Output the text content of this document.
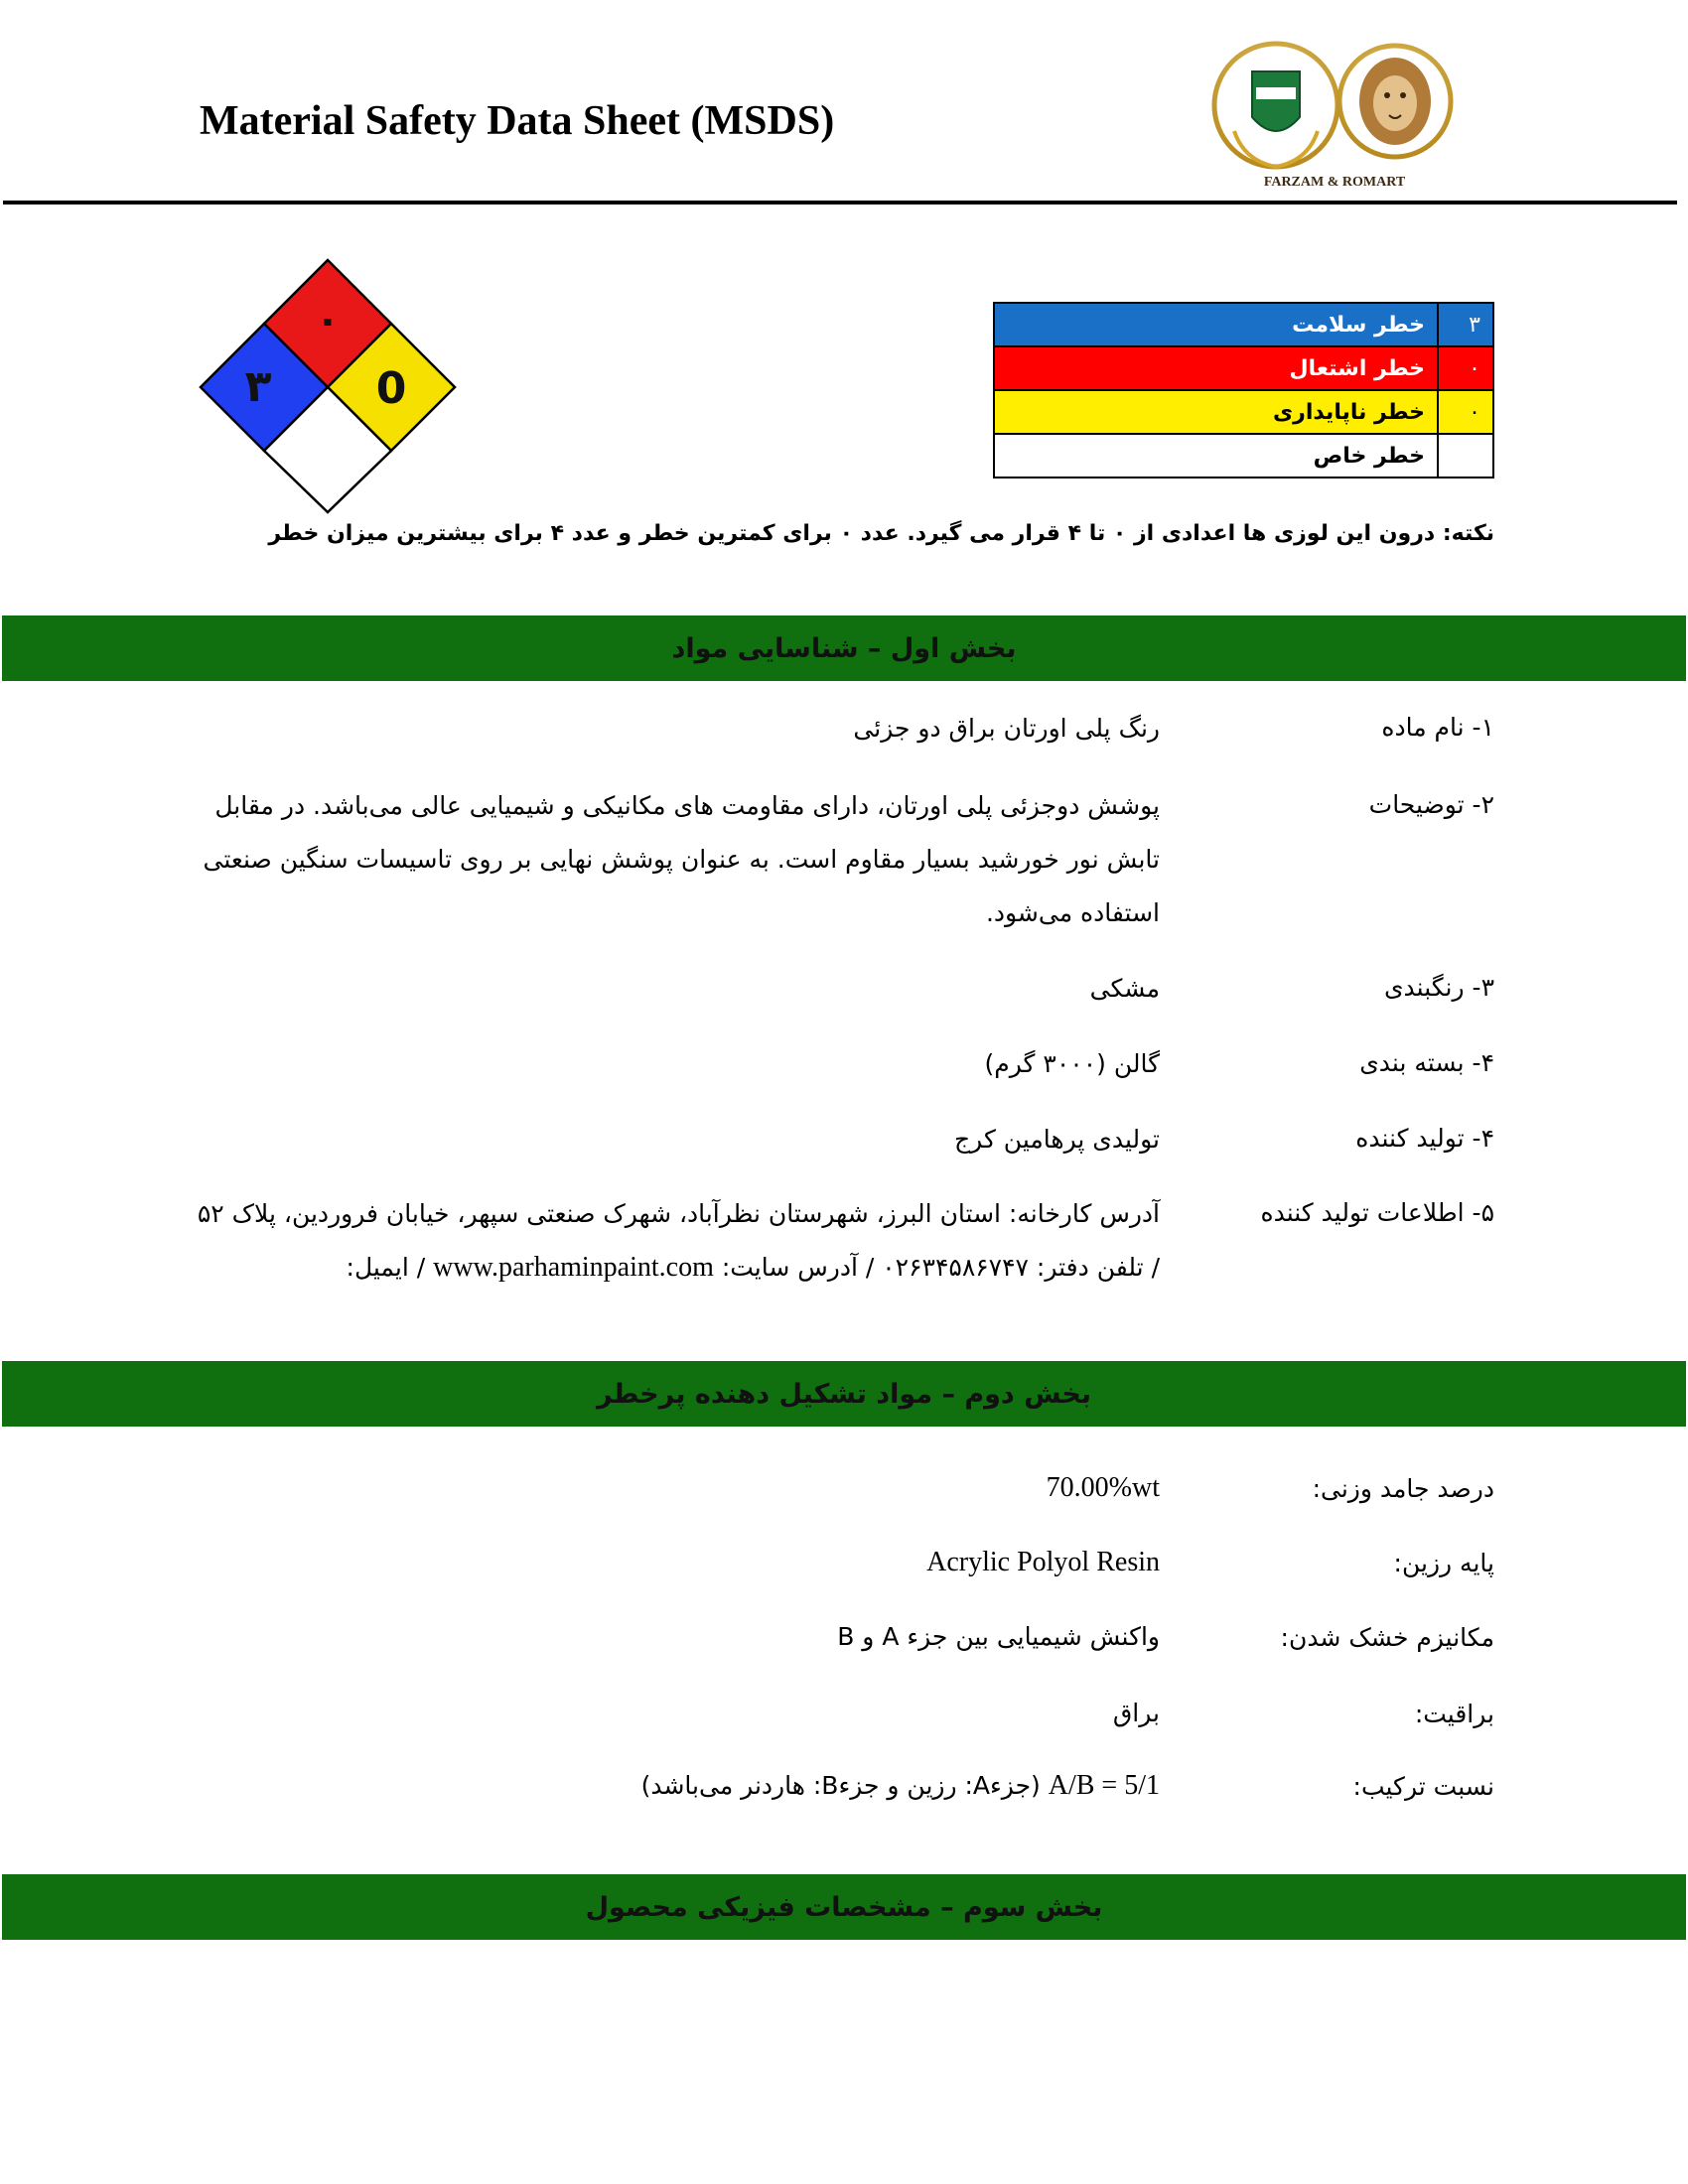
Material Safety Data Sheet (MSDS)
FARZAM & ROMART
۰
۳ 0
خطر سلامت	۳
خطر اشتعال	۰
خطر ناپایداری	۰
خطر خاص	
نکته: درون این لوزی ها اعدادی از ۰ تا ۴ قرار می گیرد. عدد ۰ برای کمترین خطر و عدد ۴ برای بیشترین میزان خطر
بخش اول – شناسایی مواد
۱- نام ماده
رنگ پلی اورتان براق دو جزئی
۲- توضیحات
پوشش دوجزئی پلی اورتان، دارای مقاومت های مکانیکی و شیمیایی عالی می‌باشد. در مقابل تابش نور خورشید بسیار مقاوم است. به عنوان پوشش نهایی بر روی تاسیسات سنگین صنعتی استفاده می‌شود.
۳- رنگبندی
مشکی
۴- بسته بندی
گالن (۳۰۰۰ گرم)
۴- تولید کننده
تولیدی پرهامین کرج
۵- اطلاعات تولید کننده
آدرس کارخانه: استان البرز، شهرستان نظرآباد، شهرک صنعتی سپهر، خیابان فروردین، پلاک ۵۲
/ تلفن دفتر: ۰۲۶۳۴۵۸۶۷۴۷ / آدرس سایت: www.parhaminpaint.com / ایمیل:
بخش دوم – مواد تشکیل دهنده پرخطر
درصد جامد وزنی:
70.00%wt
پایه رزین:
Acrylic Polyol Resin
مکانیزم خشک شدن:
واکنش شیمیایی بین جزء A و B
براقیت:
براق
نسبت ترکیب:
A/B = 5/1 (جزءA: رزین و جزءB: هاردنر می‌باشد)
بخش سوم – مشخصات فیزیکی محصول
